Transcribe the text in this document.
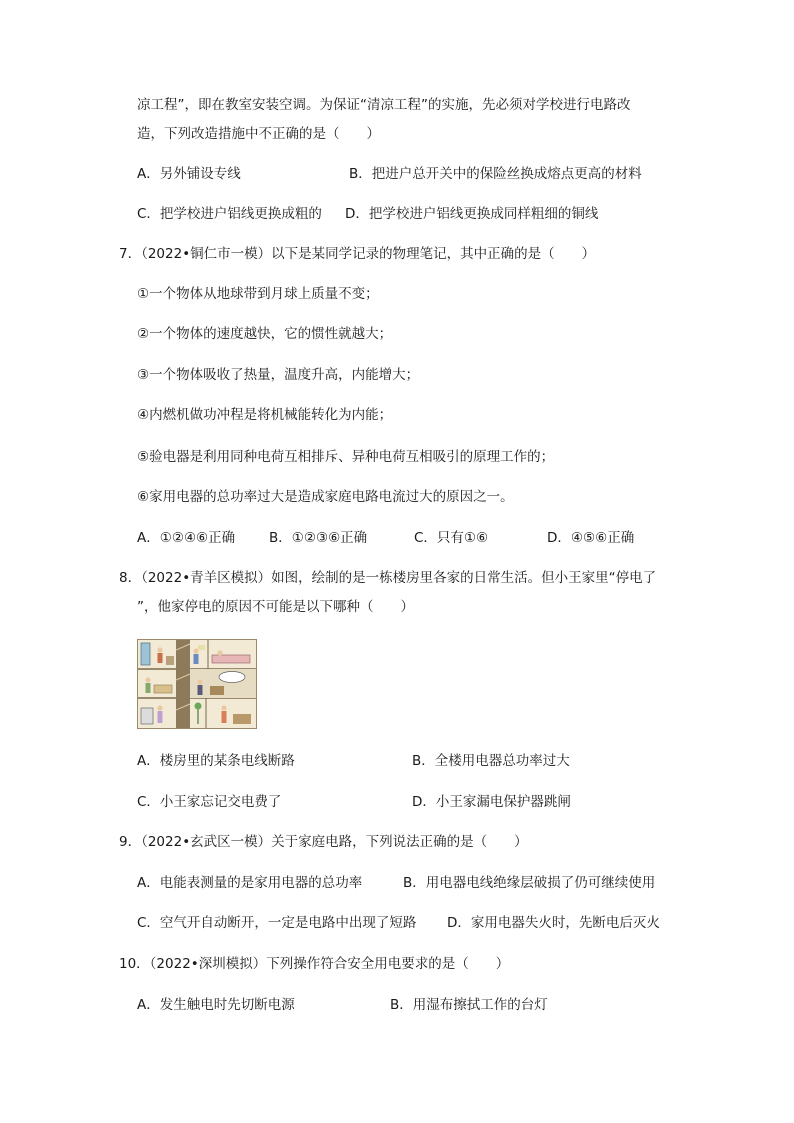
凉工程”，即在教室安装空调。为保证“清凉工程”的实施，先必须对学校进行电路改
造，下列改造措施中不正确的是（　　）
A．另外铺设专线	B．把进户总开关中的保险丝换成熔点更高的材料
C．把学校进户铝线更换成粗的 D．把学校进户铝线更换成同样粗细的铜线
7．（2022•铜仁市一模）以下是某同学记录的物理笔记，其中正确的是（　　）
①一个物体从地球带到月球上质量不变；
②一个物体的速度越快，它的惯性就越大；
③一个物体吸收了热量，温度升高，内能增大；
④内燃机做功冲程是将机械能转化为内能；
⑤验电器是利用同种电荷互相排斥、异种电荷互相吸引的原理工作的；
⑥家用电器的总功率过大是造成家庭电路电流过大的原因之一。
A．①②④⑥正确	B．①②③⑥正确	C．只有①⑥	D．④⑤⑥正确
8．（2022•青羊区模拟）如图，绘制的是一栋楼房里各家的日常生活。但小王家里“停电了
”，他家停电的原因不可能是以下哪种（　　）
A．楼房里的某条电线断路	B．全楼用电器总功率过大
C．小王家忘记交电费了	D．小王家漏电保护器跳闸
9．（2022•玄武区一模）关于家庭电路，下列说法正确的是（　　）
A．电能表测量的是家用电器的总功率	B．用电器电线绝缘层破损了仍可继续使用
C．空气开自动断开，一定是电路中出现了短路 D．家用电器失火时，先断电后灭火
10．（2022•深圳模拟）下列操作符合安全用电要求的是（　　）
A．发生触电时先切断电源	B．用湿布擦拭工作的台灯
